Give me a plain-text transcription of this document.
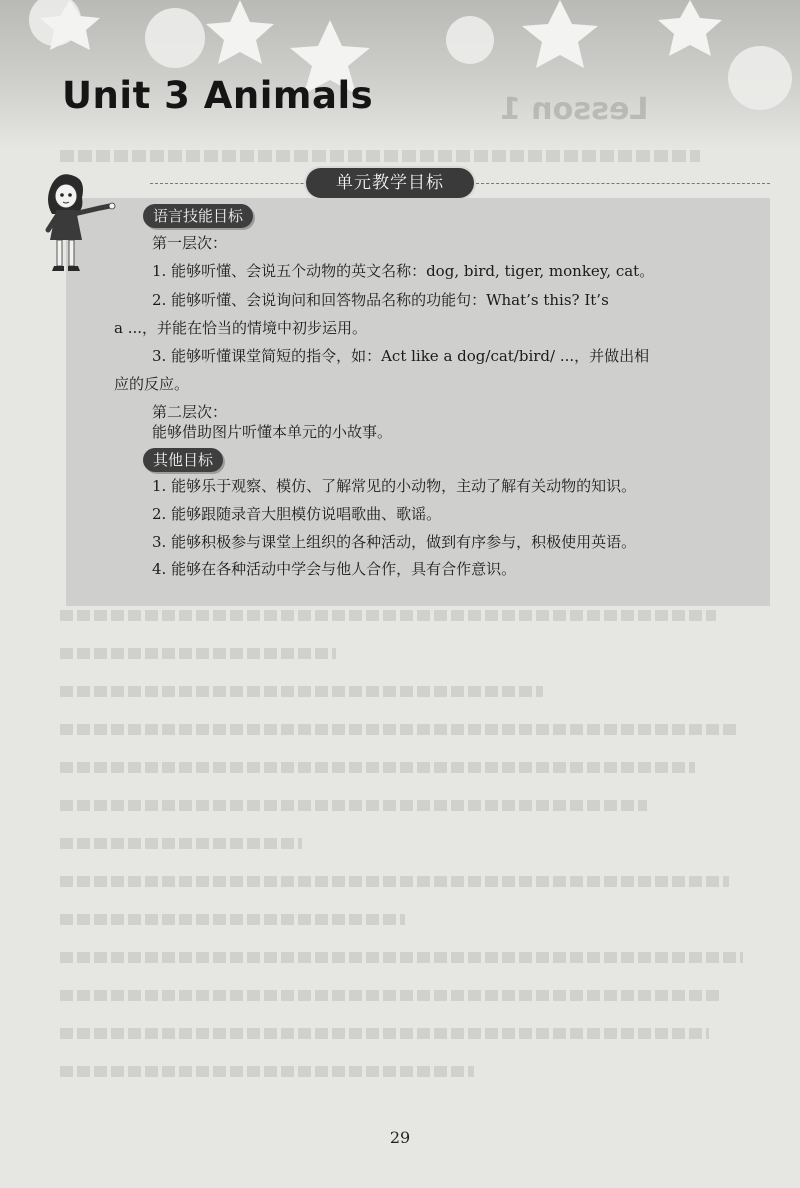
Lesson 1
Unit 3 Animals
单元教学目标
语言技能目标
第一层次：
1. 能够听懂、会说五个动物的英文名称：dog, bird, tiger, monkey, cat。
2. 能够听懂、会说询问和回答物品名称的功能句：What’s this? It’s
a ...，并能在恰当的情境中初步运用。
3. 能够听懂课堂简短的指令，如：Act like a dog/cat/bird/ ...，并做出相
应的反应。
第二层次：
能够借助图片听懂本单元的小故事。
其他目标
1. 能够乐于观察、模仿、了解常见的小动物，主动了解有关动物的知识。
2. 能够跟随录音大胆模仿说唱歌曲、歌谣。
3. 能够积极参与课堂上组织的各种活动，做到有序参与，积极使用英语。
4. 能够在各种活动中学会与他人合作，具有合作意识。
29
